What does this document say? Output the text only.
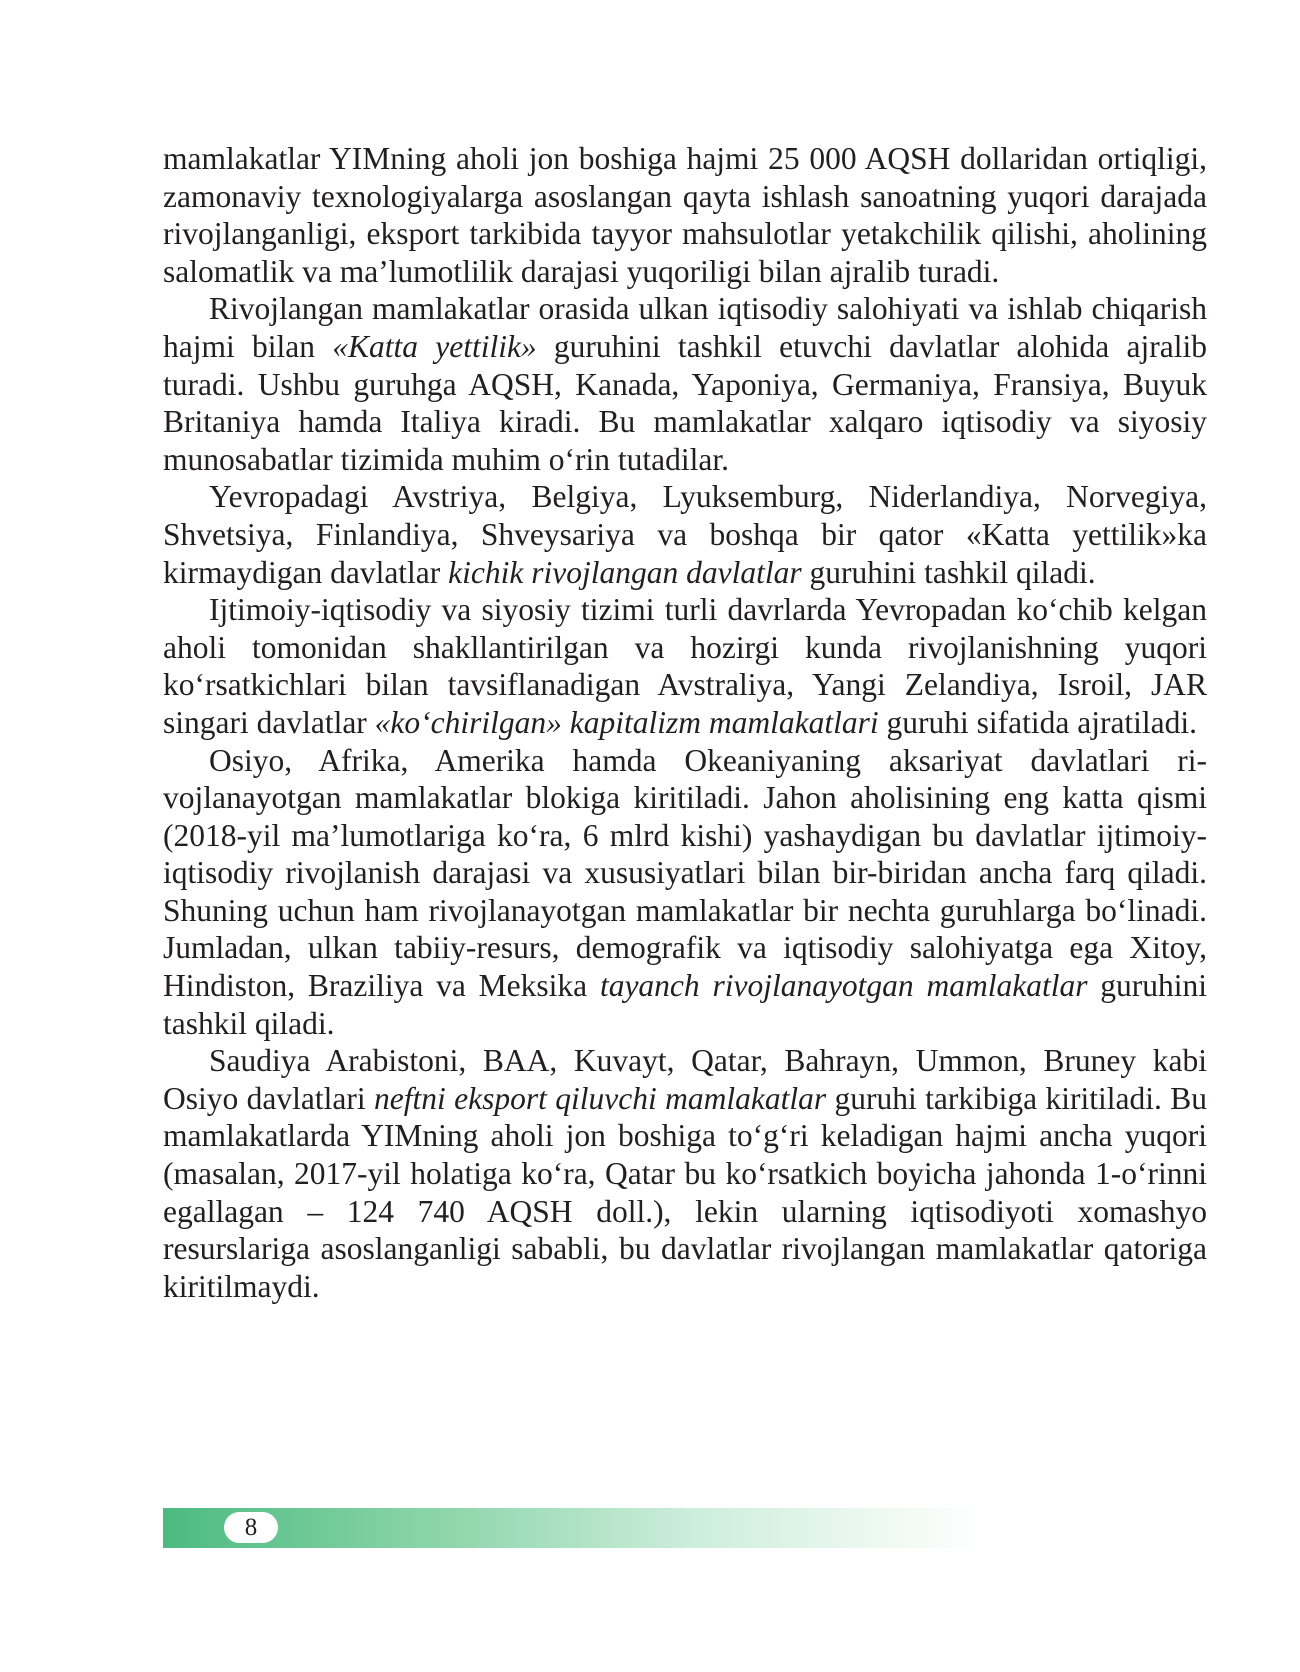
mamlakatlar YIMning aholi jon boshiga hajmi 25 000 AQSH dollaridan ortiqligi, zamonaviy texnologiyalarga asoslangan qayta ishlash sanoatning yuqori darajada rivojlanganligi, eksport tarkibida tayyor mahsulotlar yetakchilik qilishi, aholining salomatlik va ma’lumotlilik darajasi yuqoriligi bilan ajralib turadi.

Rivojlangan mamlakatlar orasida ulkan iqtisodiy salohiyati va ishlab chiqarish hajmi bilan «Katta yettilik» guruhini tashkil etuvchi davlatlar alohida ajralib turadi. Ushbu guruhga AQSH, Kanada, Yaponiya, Germaniya, Fransiya, Buyuk Britaniya hamda Italiya kiradi. Bu mamlakatlar xalqaro iqtisodiy va siyosiy munosabatlar tizimida muhim o‘rin tutadilar.

Yevropadagi Avstriya, Belgiya, Lyuksemburg, Niderlandiya, Norvegiya, Shvetsiya, Finlandiya, Shveysariya va boshqa bir qator «Katta yettilik»ka kirmaydigan davlatlar kichik rivojlangan davlatlar guruhini tashkil qiladi.

Ijtimoiy-iqtisodiy va siyosiy tizimi turli davrlarda Yevropadan ko‘chib kelgan aholi tomonidan shakllantirilgan va hozirgi kunda rivojlanishning yuqori ko‘rsatkichlari bilan tavsiflanadigan Avstraliya, Yangi Zelandiya, Isroil, JAR singari davlatlar «ko‘chirilgan» kapitalizm mamlakatlari guruhi sifatida ajratiladi.

Osiyo, Afrika, Amerika hamda Okeaniyaning aksariyat davlatlari rivojlanayotgan mamlakatlar blokiga kiritiladi. Jahon aholisining eng katta qismi (2018-yil ma’lumotlariga ko‘ra, 6 mlrd kishi) yashaydigan bu davlatlar ijtimoiy-iqtisodiy rivojlanish darajasi va xususiyatlari bilan bir-biridan ancha farq qiladi. Shuning uchun ham rivojlanayotgan mamlakatlar bir nechta guruhlarga bo‘linadi. Jumladan, ulkan tabiiy-resurs, demografik va iqtisodiy salohiyatga ega Xitoy, Hindiston, Braziliya va Meksika tayanch rivojlanayotgan mamlakatlar guruhini tashkil qiladi.

Saudiya Arabistoni, BAA, Kuvayt, Qatar, Bahrayn, Ummon, Bruney kabi Osiyo davlatlari neftni eksport qiluvchi mamlakatlar guruhi tarkibiga kiritiladi. Bu mamlakatlarda YIMning aholi jon boshiga to‘g‘ri keladigan hajmi ancha yuqori (masalan, 2017-yil holatiga ko‘ra, Qatar bu ko‘rsatkich boyicha jahonda 1-o‘rinni egallagan – 124 740 AQSH doll.), lekin ularning iqtisodiyoti xomashyo resurslariga asoslanganligi sababli, bu davlatlar rivojlangan mamlakatlar qatoriga kiritilmaydi.

8
